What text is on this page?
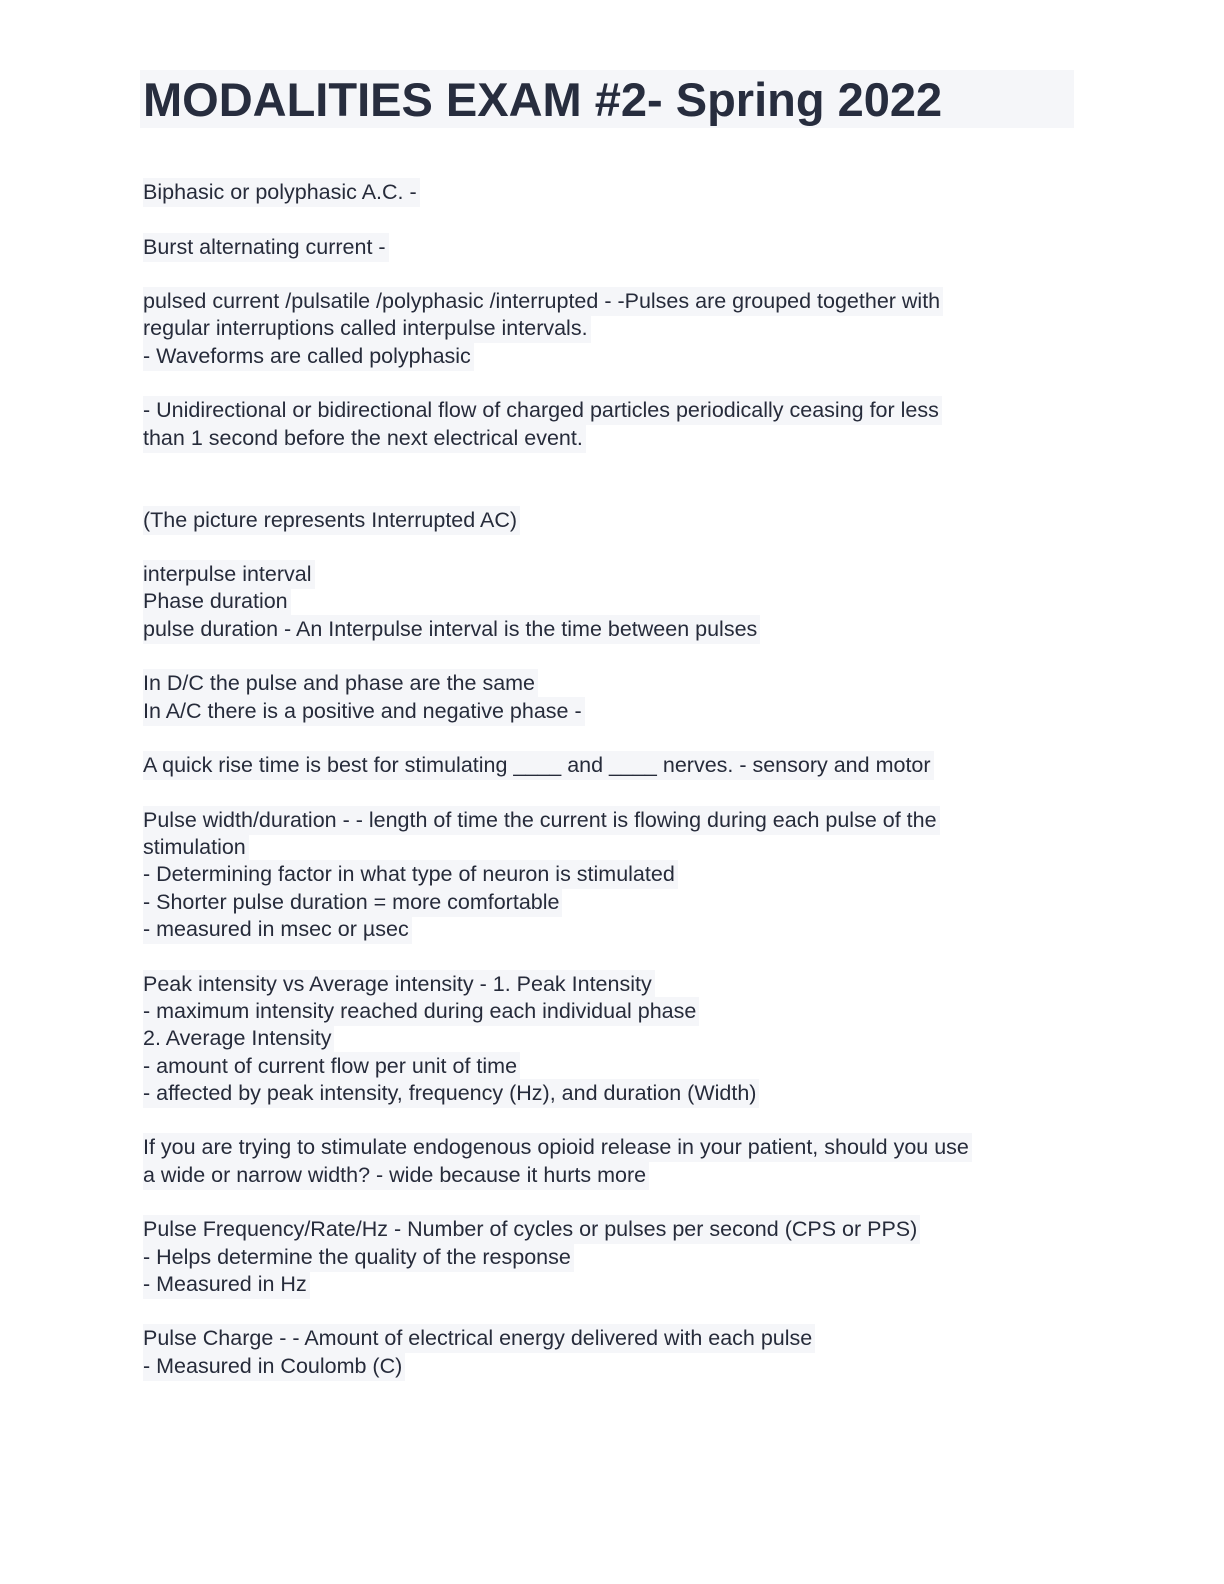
MODALITIES EXAM #2- Spring 2022
Biphasic or polyphasic A.C. -
Burst alternating current -
pulsed current /pulsatile /polyphasic /interrupted - -Pulses are grouped together with
regular interruptions called interpulse intervals.
- Waveforms are called polyphasic
- Unidirectional or bidirectional flow of charged particles periodically ceasing for less
than 1 second before the next electrical event.
(The picture represents Interrupted AC)
interpulse interval
Phase duration
pulse duration - An Interpulse interval is the time between pulses
In D/C the pulse and phase are the same
In A/C there is a positive and negative phase -
A quick rise time is best for stimulating ____ and ____ nerves. - sensory and motor
Pulse width/duration - - length of time the current is flowing during each pulse of the
stimulation
- Determining factor in what type of neuron is stimulated
- Shorter pulse duration = more comfortable
- measured in msec or µsec
Peak intensity vs Average intensity - 1. Peak Intensity
- maximum intensity reached during each individual phase
2. Average Intensity
- amount of current flow per unit of time
- affected by peak intensity, frequency (Hz), and duration (Width)
If you are trying to stimulate endogenous opioid release in your patient, should you use
a wide or narrow width? - wide because it hurts more
Pulse Frequency/Rate/Hz - Number of cycles or pulses per second (CPS or PPS)
- Helps determine the quality of the response
- Measured in Hz
Pulse Charge - - Amount of electrical energy delivered with each pulse
- Measured in Coulomb (C)
